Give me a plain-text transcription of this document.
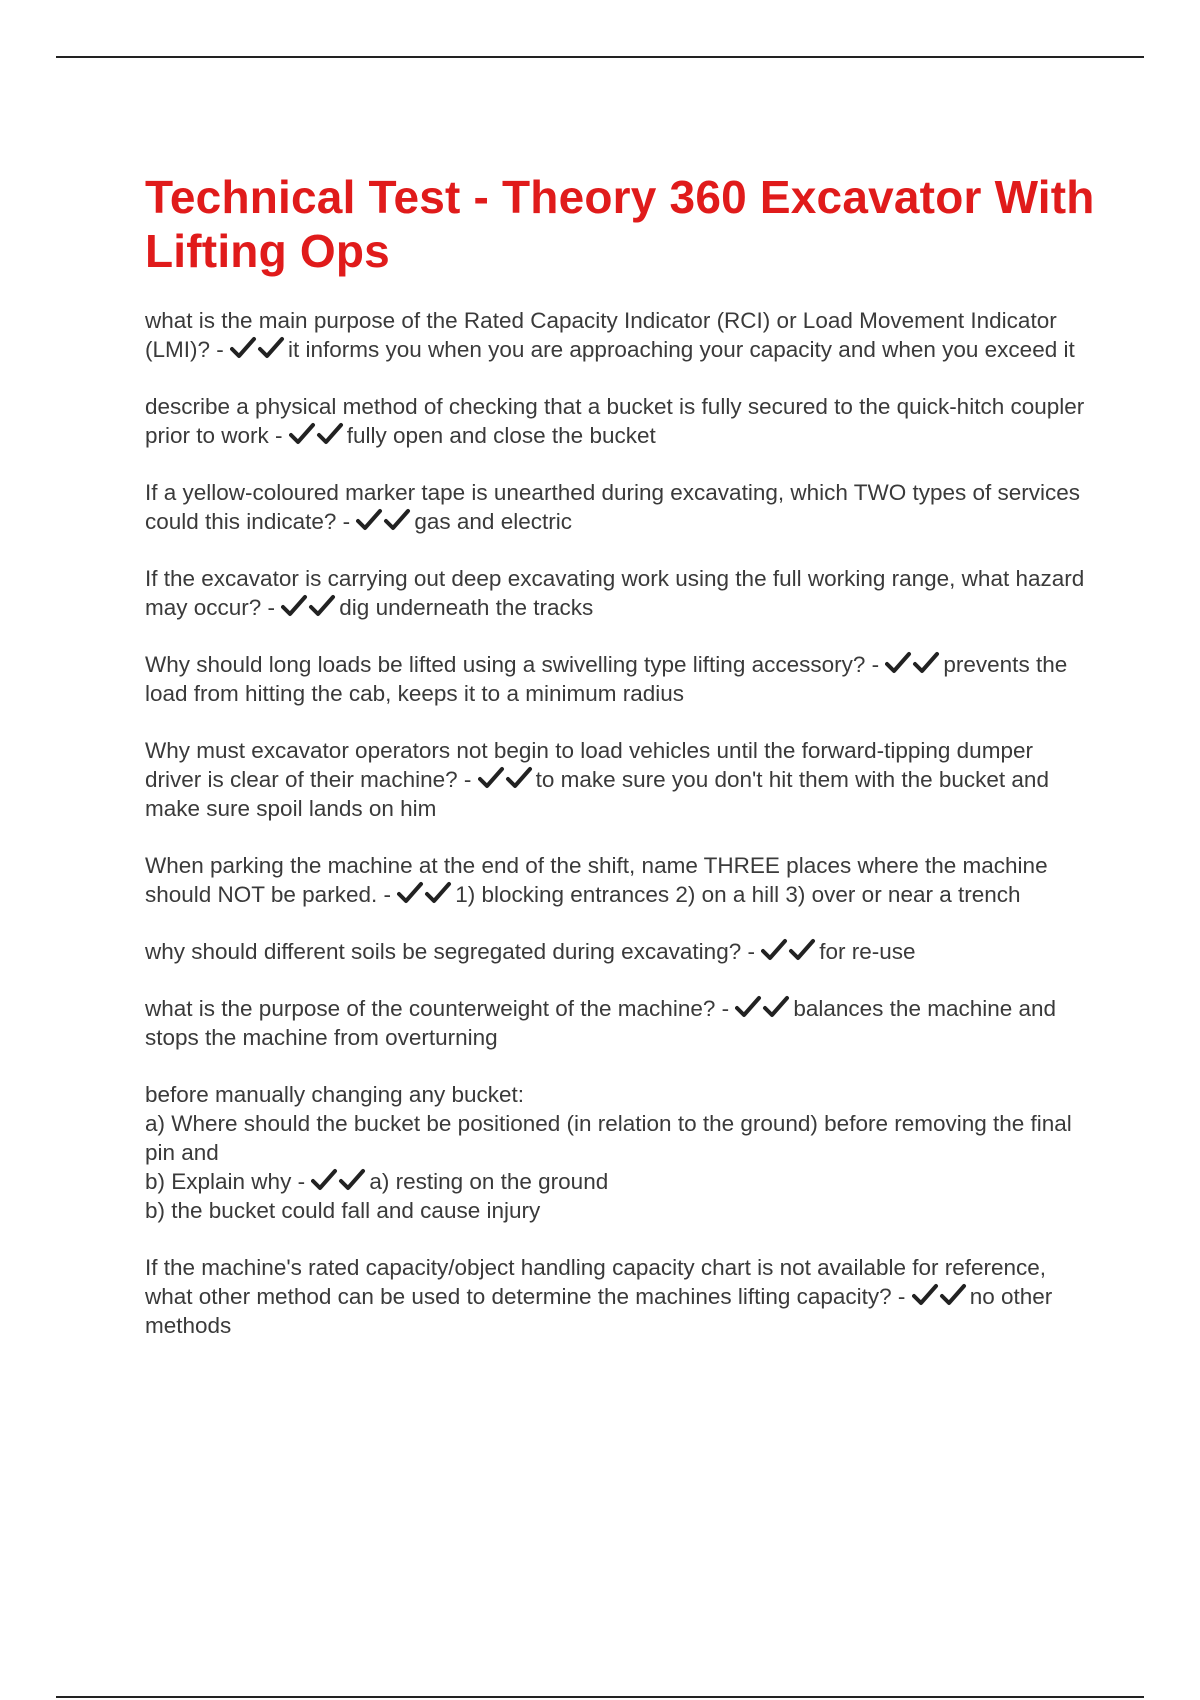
Technical Test - Theory 360 Excavator With Lifting Ops
what is the main purpose of the Rated Capacity Indicator (RCI) or Load Movement Indicator (LMI)? -	it informs you when you are approaching your capacity and when you exceed it
describe a physical method of checking that a bucket is fully secured to the quick-hitch coupler prior to work -	fully open and close the bucket
If a yellow-coloured marker tape is unearthed during excavating, which TWO types of services could this indicate? -	gas and electric
If the excavator is carrying out deep excavating work using the full working range, what hazard may occur? -	dig underneath the tracks
Why should long loads be lifted using a swivelling type lifting accessory? -	prevents the load from hitting the cab, keeps it to a minimum radius
Why must excavator operators not begin to load vehicles until the forward-tipping dumper driver is clear of their machine? -	to make sure you don't hit them with the bucket and make sure spoil lands on him
When parking the machine at the end of the shift, name THREE places where the machine should NOT be parked. -	1) blocking entrances 2) on a hill 3) over or near a trench
why should different soils be segregated during excavating? -	for re-use
what is the purpose of the counterweight of the machine? -	balances the machine and stops the machine from overturning
before manually changing any bucket:
a) Where should the bucket be positioned (in relation to the ground) before removing the final pin and
b) Explain why -	a) resting on the ground
b) the bucket could fall and cause injury
If the machine's rated capacity/object handling capacity chart is not available for reference, what other method can be used to determine the machines lifting capacity? -	no other methods
